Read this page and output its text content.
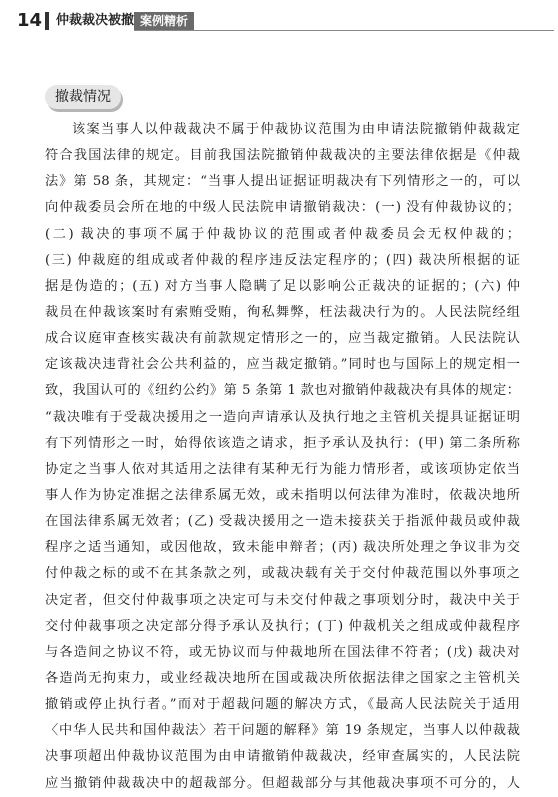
14 仲裁裁决被撤 案例精析
撤裁情况
该案当事人以仲裁裁决不属于仲裁协议范围为由申请法院撤销仲裁裁定
符合我国法律的规定。目前我国法院撤销仲裁裁决的主要法律依据是《仲裁
法》第 58 条，其规定：“当事人提出证据证明裁决有下列情形之一的，可以
向仲裁委员会所在地的中级人民法院申请撤销裁决：(一) 没有仲裁协议的；
(二) 裁决的事项不属于仲裁协议的范围或者仲裁委员会无权仲裁的；
(三) 仲裁庭的组成或者仲裁的程序违反法定程序的；(四) 裁决所根据的证
据是伪造的；(五) 对方当事人隐瞒了足以影响公正裁决的证据的；(六) 仲
裁员在仲裁该案时有索贿受贿，徇私舞弊，枉法裁决行为的。人民法院经组
成合议庭审查核实裁决有前款规定情形之一的，应当裁定撤销。人民法院认
定该裁决违背社会公共利益的，应当裁定撤销。”同时也与国际上的规定相一
致，我国认可的《纽约公约》第 5 条第 1 款也对撤销仲裁裁决有具体的规定：
“裁决唯有于受裁决援用之一造向声请承认及执行地之主管机关提具证据证明
有下列情形之一时，始得依该造之请求，拒予承认及执行：(甲) 第二条所称
协定之当事人依对其适用之法律有某种无行为能力情形者，或该项协定依当
事人作为协定准据之法律系属无效，或未指明以何法律为准时，依裁决地所
在国法律系属无效者；(乙) 受裁决援用之一造未接获关于指派仲裁员或仲裁
程序之适当通知，或因他故，致未能申辩者；(丙) 裁决所处理之争议非为交
付仲裁之标的或不在其条款之列，或裁决载有关于交付仲裁范围以外事项之
决定者，但交付仲裁事项之决定可与未交付仲裁之事项划分时，裁决中关于
交付仲裁事项之决定部分得予承认及执行；(丁) 仲裁机关之组成或仲裁程序
与各造间之协议不符，或无协议而与仲裁地所在国法律不符者；(戊) 裁决对
各造尚无拘束力，或业经裁决地所在国或裁决所依据法律之国家之主管机关
撤销或停止执行者。”而对于超裁问题的解决方式，《最高人民法院关于适用
〈中华人民共和国仲裁法〉若干问题的解释》第 19 条规定，当事人以仲裁裁
决事项超出仲裁协议范围为由申请撤销仲裁裁决，经审查属实的，人民法院
应当撤销仲裁裁决中的超裁部分。但超裁部分与其他裁决事项不可分的，人
